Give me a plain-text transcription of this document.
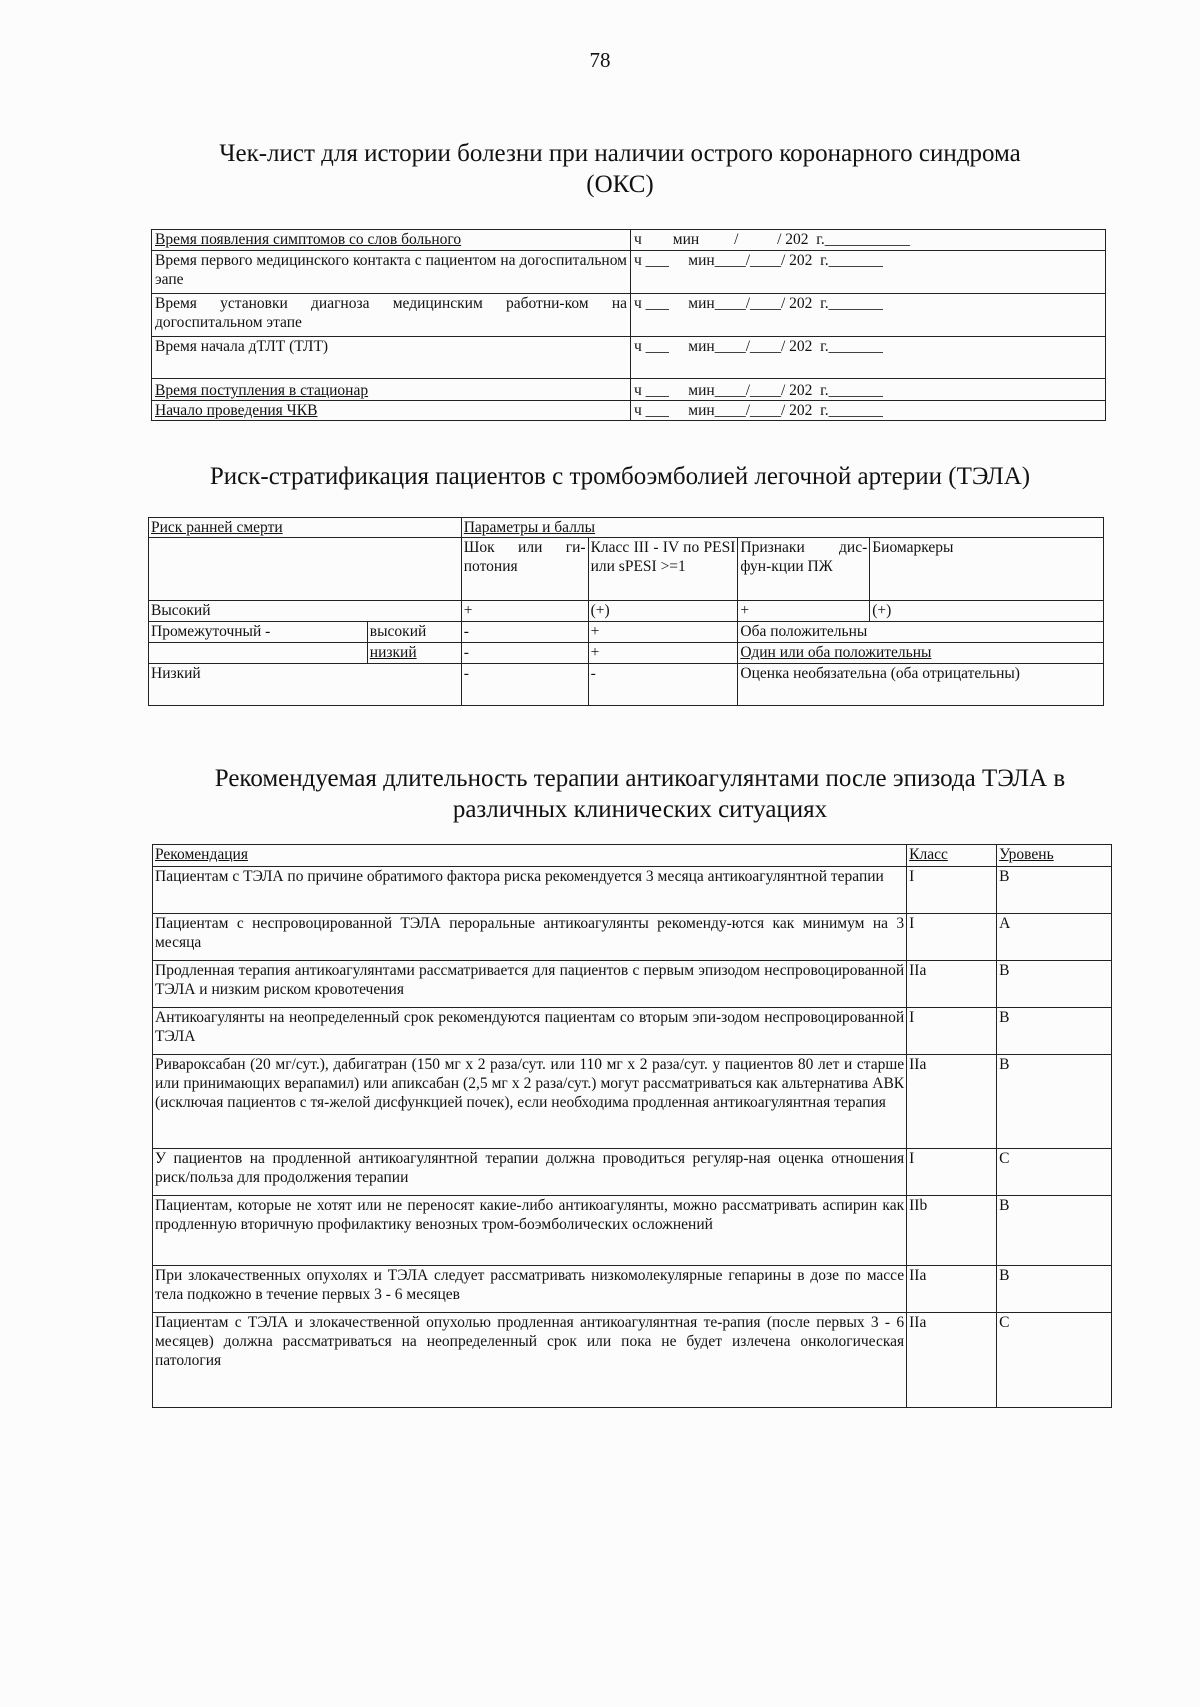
78
Чек-лист для истории болезни при наличии острого коронарного синдрома
(ОКС)
Время появления симптомов со слов больного	ч        мин         /          / 202  г.___________
Время первого медицинского контакта с пациентом на догоспитальном эапе	ч ___     мин____/____/ 202  г._______
Время установки диагноза медицинским работни-ком на догоспитальном этапе	ч ___     мин____/____/ 202  г._______
Время начала дТЛТ (ТЛТ)	ч ___     мин____/____/ 202  г._______
Время поступления в стационар	ч ___     мин____/____/ 202  г._______
Начало проведения ЧКВ	ч ___     мин____/____/ 202  г._______
Риск-стратификация пациентов с тромбоэмболией легочной артерии (ТЭЛА)
Риск ранней смерти		Параметры и баллы			
		Шок или ги-потония	Класс III - IV по PESI или sPESI >=1	Признаки дис-фун-кции ПЖ	Биомаркеры
Высокий		+	(+)	+	(+)
Промежуточный -	высокий	-	+	Оба положительны	
	низкий	-	+	Один или оба положительны	
Низкий		-	-	Оценка необязательна (оба отрицательны)	
Рекомендуемая длительность терапии антикоагулянтами после эпизода ТЭЛА в
различных клинических ситуациях
Рекомендация	Класс	Уровень
Пациентам с ТЭЛА по причине обратимого фактора риска рекомендуется 3 месяца антикоагулянтной терапии	I	B
Пациентам с неспровоцированной ТЭЛА пероральные антикоагулянты рекоменду-ются как минимум на 3 месяца	I	A
Продленная терапия антикоагулянтами рассматривается для пациентов с первым эпизодом неспровоцированной ТЭЛА и низким риском кровотечения	IIa	B
Антикоагулянты на неопределенный срок рекомендуются пациентам со вторым эпи-зодом неспровоцированной ТЭЛА	I	B
Ривароксабан (20 мг/сут.), дабигатран (150 мг х 2 раза/сут. или 110 мг х 2 раза/сут. у пациентов 80 лет и старше или принимающих верапамил) или апиксабан (2,5 мг х 2 раза/сут.) могут рассматриваться как альтернатива АВК (исключая пациентов с тя-желой дисфункцией почек), если необходима продленная антикоагулянтная терапия	IIa	B
У пациентов на продленной антикоагулянтной терапии должна проводиться регуляр-ная оценка отношения риск/польза для продолжения терапии	I	C
Пациентам, которые не хотят или не переносят какие-либо антикоагулянты, можно рассматривать аспирин как продленную вторичную профилактику венозных тром-боэмболических осложнений	IIb	B
При злокачественных опухолях и ТЭЛА следует рассматривать низкомолекулярные гепарины в дозе по массе тела подкожно в течение первых 3 - 6 месяцев	IIa	B
Пациентам с ТЭЛА и злокачественной опухолью продленная антикоагулянтная те-рапия (после первых 3 - 6 месяцев) должна рассматриваться на неопределенный срок или пока не будет излечена онкологическая патология	IIa	C
